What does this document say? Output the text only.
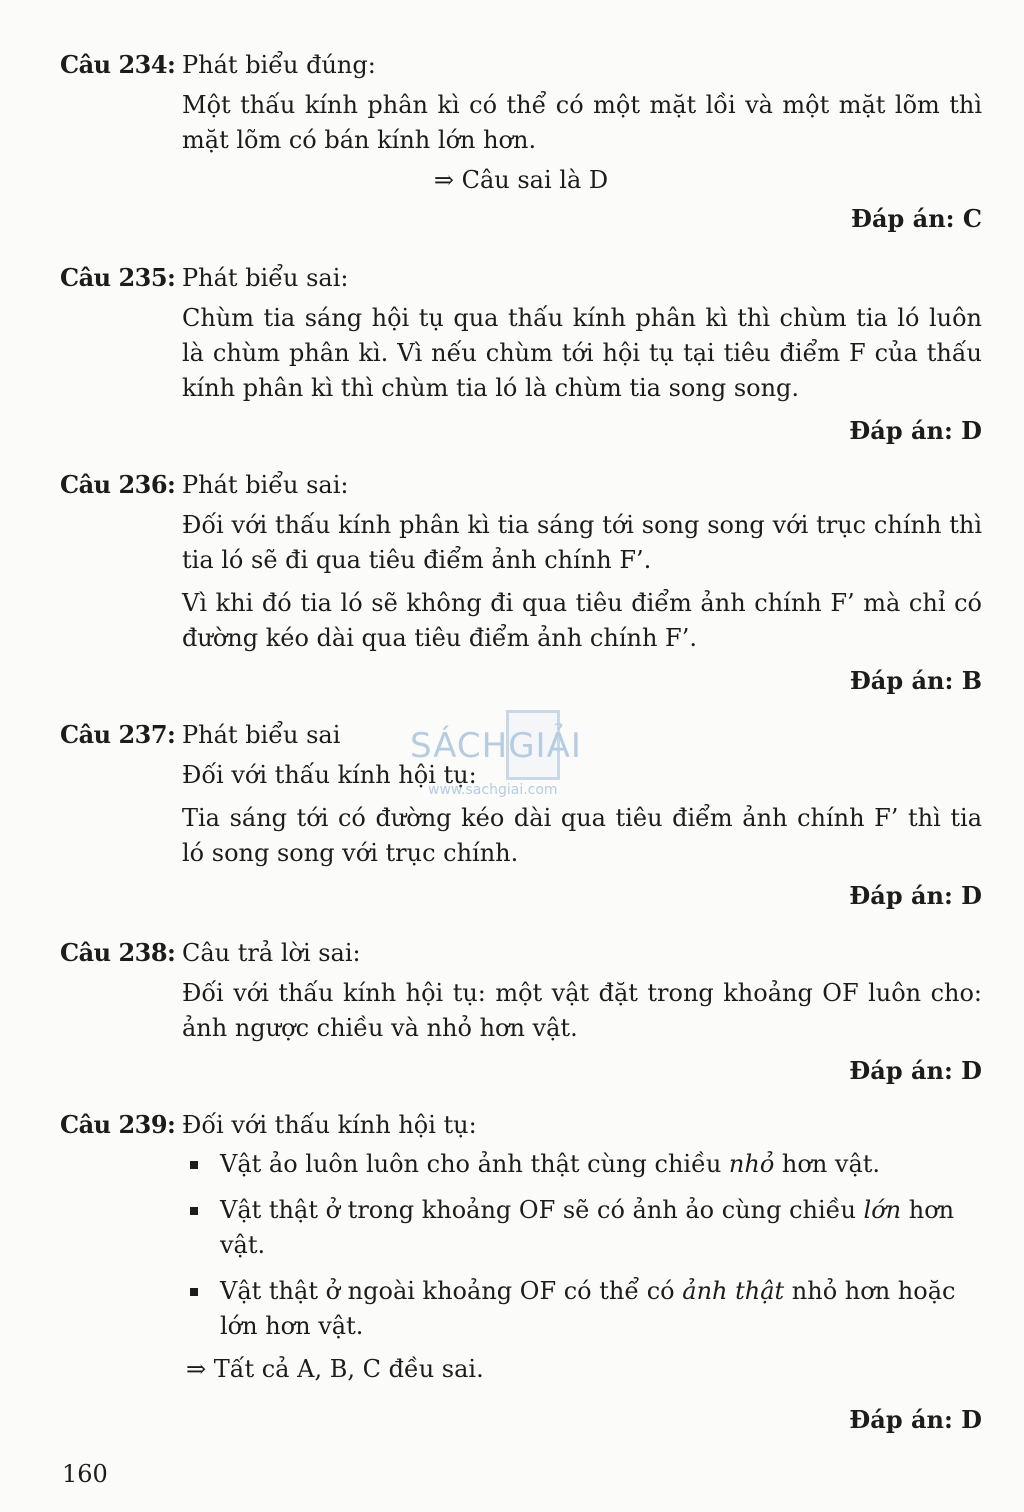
Câu 234: Phát biểu đúng:
Một thấu kính phân kì có thể có một mặt lồi và một mặt lõm thì mặt lõm có bán kính lớn hơn.
⇒ Câu sai là D
Đáp án: C
Câu 235: Phát biểu sai:
Chùm tia sáng hội tụ qua thấu kính phân kì thì chùm tia ló luôn là chùm phân kì. Vì nếu chùm tới hội tụ tại tiêu điểm F của thấu kính phân kì thì chùm tia ló là chùm tia song song.
Đáp án: D
Câu 236: Phát biểu sai:
Đối với thấu kính phân kì tia sáng tới song song với trục chính thì tia ló sẽ đi qua tiêu điểm ảnh chính F’.
Vì khi đó tia ló sẽ không đi qua tiêu điểm ảnh chính F’ mà chỉ có đường kéo dài qua tiêu điểm ảnh chính F’.
Đáp án: B
Câu 237: Phát biểu sai
Đối với thấu kính hội tụ:
Tia sáng tới có đường kéo dài qua tiêu điểm ảnh chính F’ thì tia ló song song với trục chính.
Đáp án: D
Câu 238: Câu trả lời sai:
Đối với thấu kính hội tụ: một vật đặt trong khoảng OF luôn cho: ảnh ngược chiều và nhỏ hơn vật.
Đáp án: D
Câu 239: Đối với thấu kính hội tụ:
Vật ảo luôn luôn cho ảnh thật cùng chiều nhỏ hơn vật.
Vật thật ở trong khoảng OF sẽ có ảnh ảo cùng chiều lớn hơn vật.
Vật thật ở ngoài khoảng OF có thể có ảnh thật nhỏ hơn hoặc lớn hơn vật.
⇒ Tất cả A, B, C đều sai.
Đáp án: D
SÁCHGIẢI
www.sachgiai.com
160
